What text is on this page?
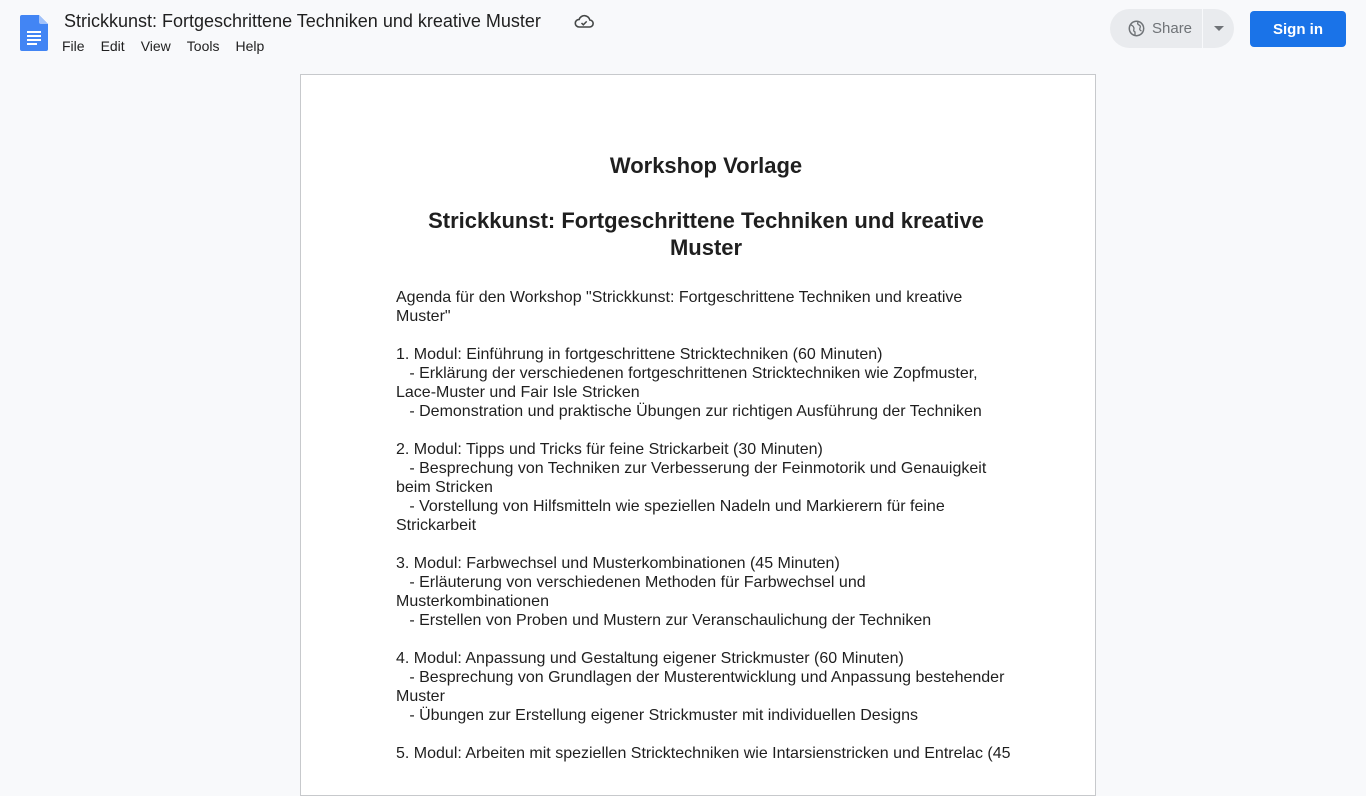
Strickkunst: Fortgeschrittene Techniken und kreative Muster
File	Edit	View	Tools	Help
Share	Sign in
Workshop Vorlage
Strickkunst: Fortgeschrittene Techniken und kreative Muster

Agenda für den Workshop "Strickkunst: Fortgeschrittene Techniken und kreative Muster"

1. Modul: Einführung in fortgeschrittene Stricktechniken (60 Minuten)
- Erklärung der verschiedenen fortgeschrittenen Stricktechniken wie Zopfmuster, Lace-Muster und Fair Isle Stricken
- Demonstration und praktische Übungen zur richtigen Ausführung der Techniken
2. Modul: Tipps und Tricks für feine Strickarbeit (30 Minuten)
- Besprechung von Techniken zur Verbesserung der Feinmotorik und Genauigkeit beim Stricken
- Vorstellung von Hilfsmitteln wie speziellen Nadeln und Markierern für feine Strickarbeit
3. Modul: Farbwechsel und Musterkombinationen (45 Minuten)
- Erläuterung von verschiedenen Methoden für Farbwechsel und Musterkombinationen
- Erstellen von Proben und Mustern zur Veranschaulichung der Techniken
4. Modul: Anpassung und Gestaltung eigener Strickmuster (60 Minuten)
- Besprechung von Grundlagen der Musterentwicklung und Anpassung bestehender Muster
- Übungen zur Erstellung eigener Strickmuster mit individuellen Designs
5. Modul: Arbeiten mit speziellen Stricktechniken wie Intarsienstricken und Entrelac (45
